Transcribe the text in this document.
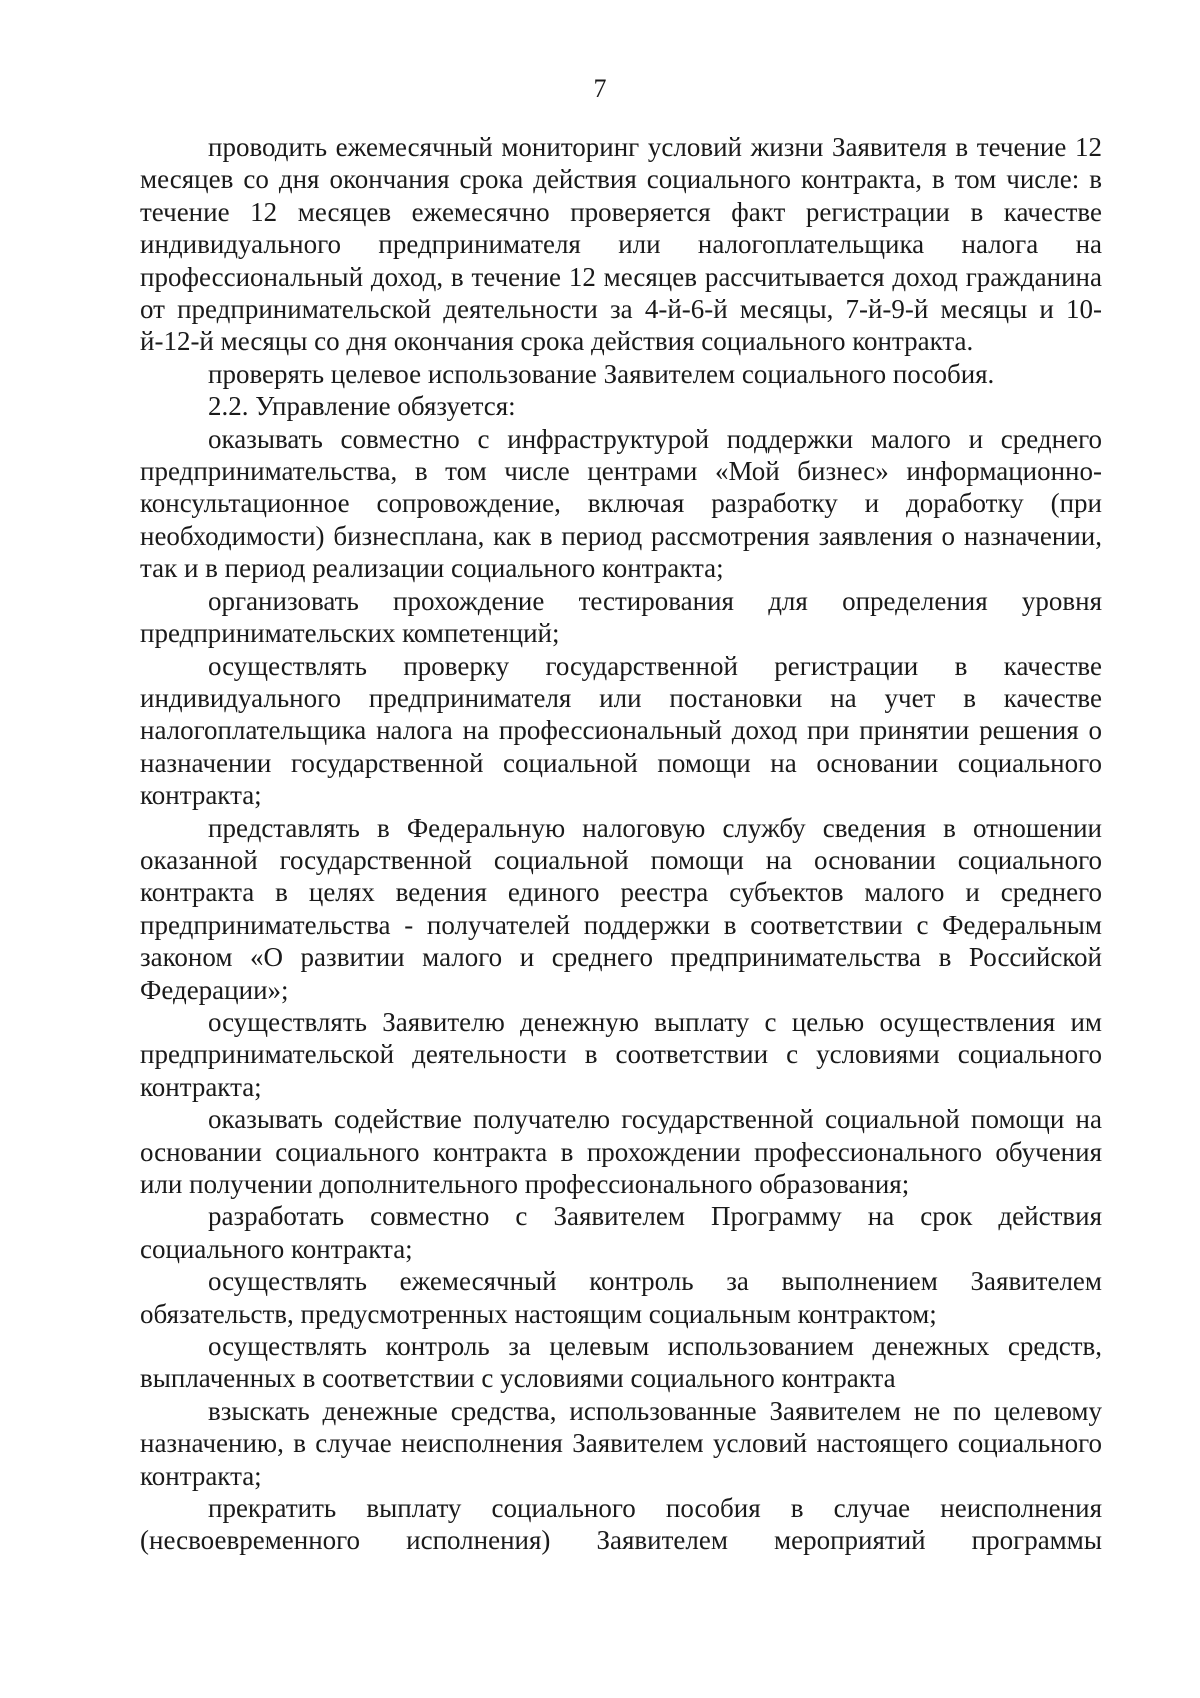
7

проводить ежемесячный мониторинг условий жизни Заявителя в течение 12 месяцев со дня окончания срока действия социального контракта, в том числе: в течение 12 месяцев ежемесячно проверяется факт регистрации в качестве индивидуального предпринимателя или налогоплательщика налога на профессиональный доход, в течение 12 месяцев рассчитывается доход гражданина от предпринимательской деятельности за 4-й-6-й месяцы, 7-й-9-й месяцы и 10-й-12-й месяцы со дня окончания срока действия социального контракта.

проверять целевое использование Заявителем социального пособия.

2.2. Управление обязуется:

оказывать совместно с инфраструктурой поддержки малого и среднего предпринимательства, в том числе центрами «Мой бизнес» информационно-консультационное сопровождение, включая разработку и доработку (при необходимости) бизнесплана, как в период рассмотрения заявления о назначении, так и в период реализации социального контракта;

организовать прохождение тестирования для определения уровня предпринимательских компетенций;

осуществлять проверку государственной регистрации в качестве индивидуального предпринимателя или постановки на учет в качестве налогоплательщика налога на профессиональный доход при принятии решения о назначении государственной социальной помощи на основании социального контракта;

представлять в Федеральную налоговую службу сведения в отношении оказанной государственной социальной помощи на основании социального контракта в целях ведения единого реестра субъектов малого и среднего предпринимательства - получателей поддержки в соответствии с Федеральным законом «О развитии малого и среднего предпринимательства в Российской Федерации»;

осуществлять Заявителю денежную выплату с целью осуществления им предпринимательской деятельности в соответствии с условиями социального контракта;

оказывать содействие получателю государственной социальной помощи на основании социального контракта в прохождении профессионального обучения или получении дополнительного профессионального образования;

разработать совместно с Заявителем Программу на срок действия социального контракта;

осуществлять ежемесячный контроль за выполнением Заявителем обязательств, предусмотренных настоящим социальным контрактом;

осуществлять контроль за целевым использованием денежных средств, выплаченных в соответствии с условиями социального контракта

взыскать денежные средства, использованные Заявителем не по целевому назначению, в случае неисполнения Заявителем условий настоящего социального контракта;

прекратить выплату социального пособия в случае неисполнения (несвоевременного исполнения) Заявителем мероприятий программы
